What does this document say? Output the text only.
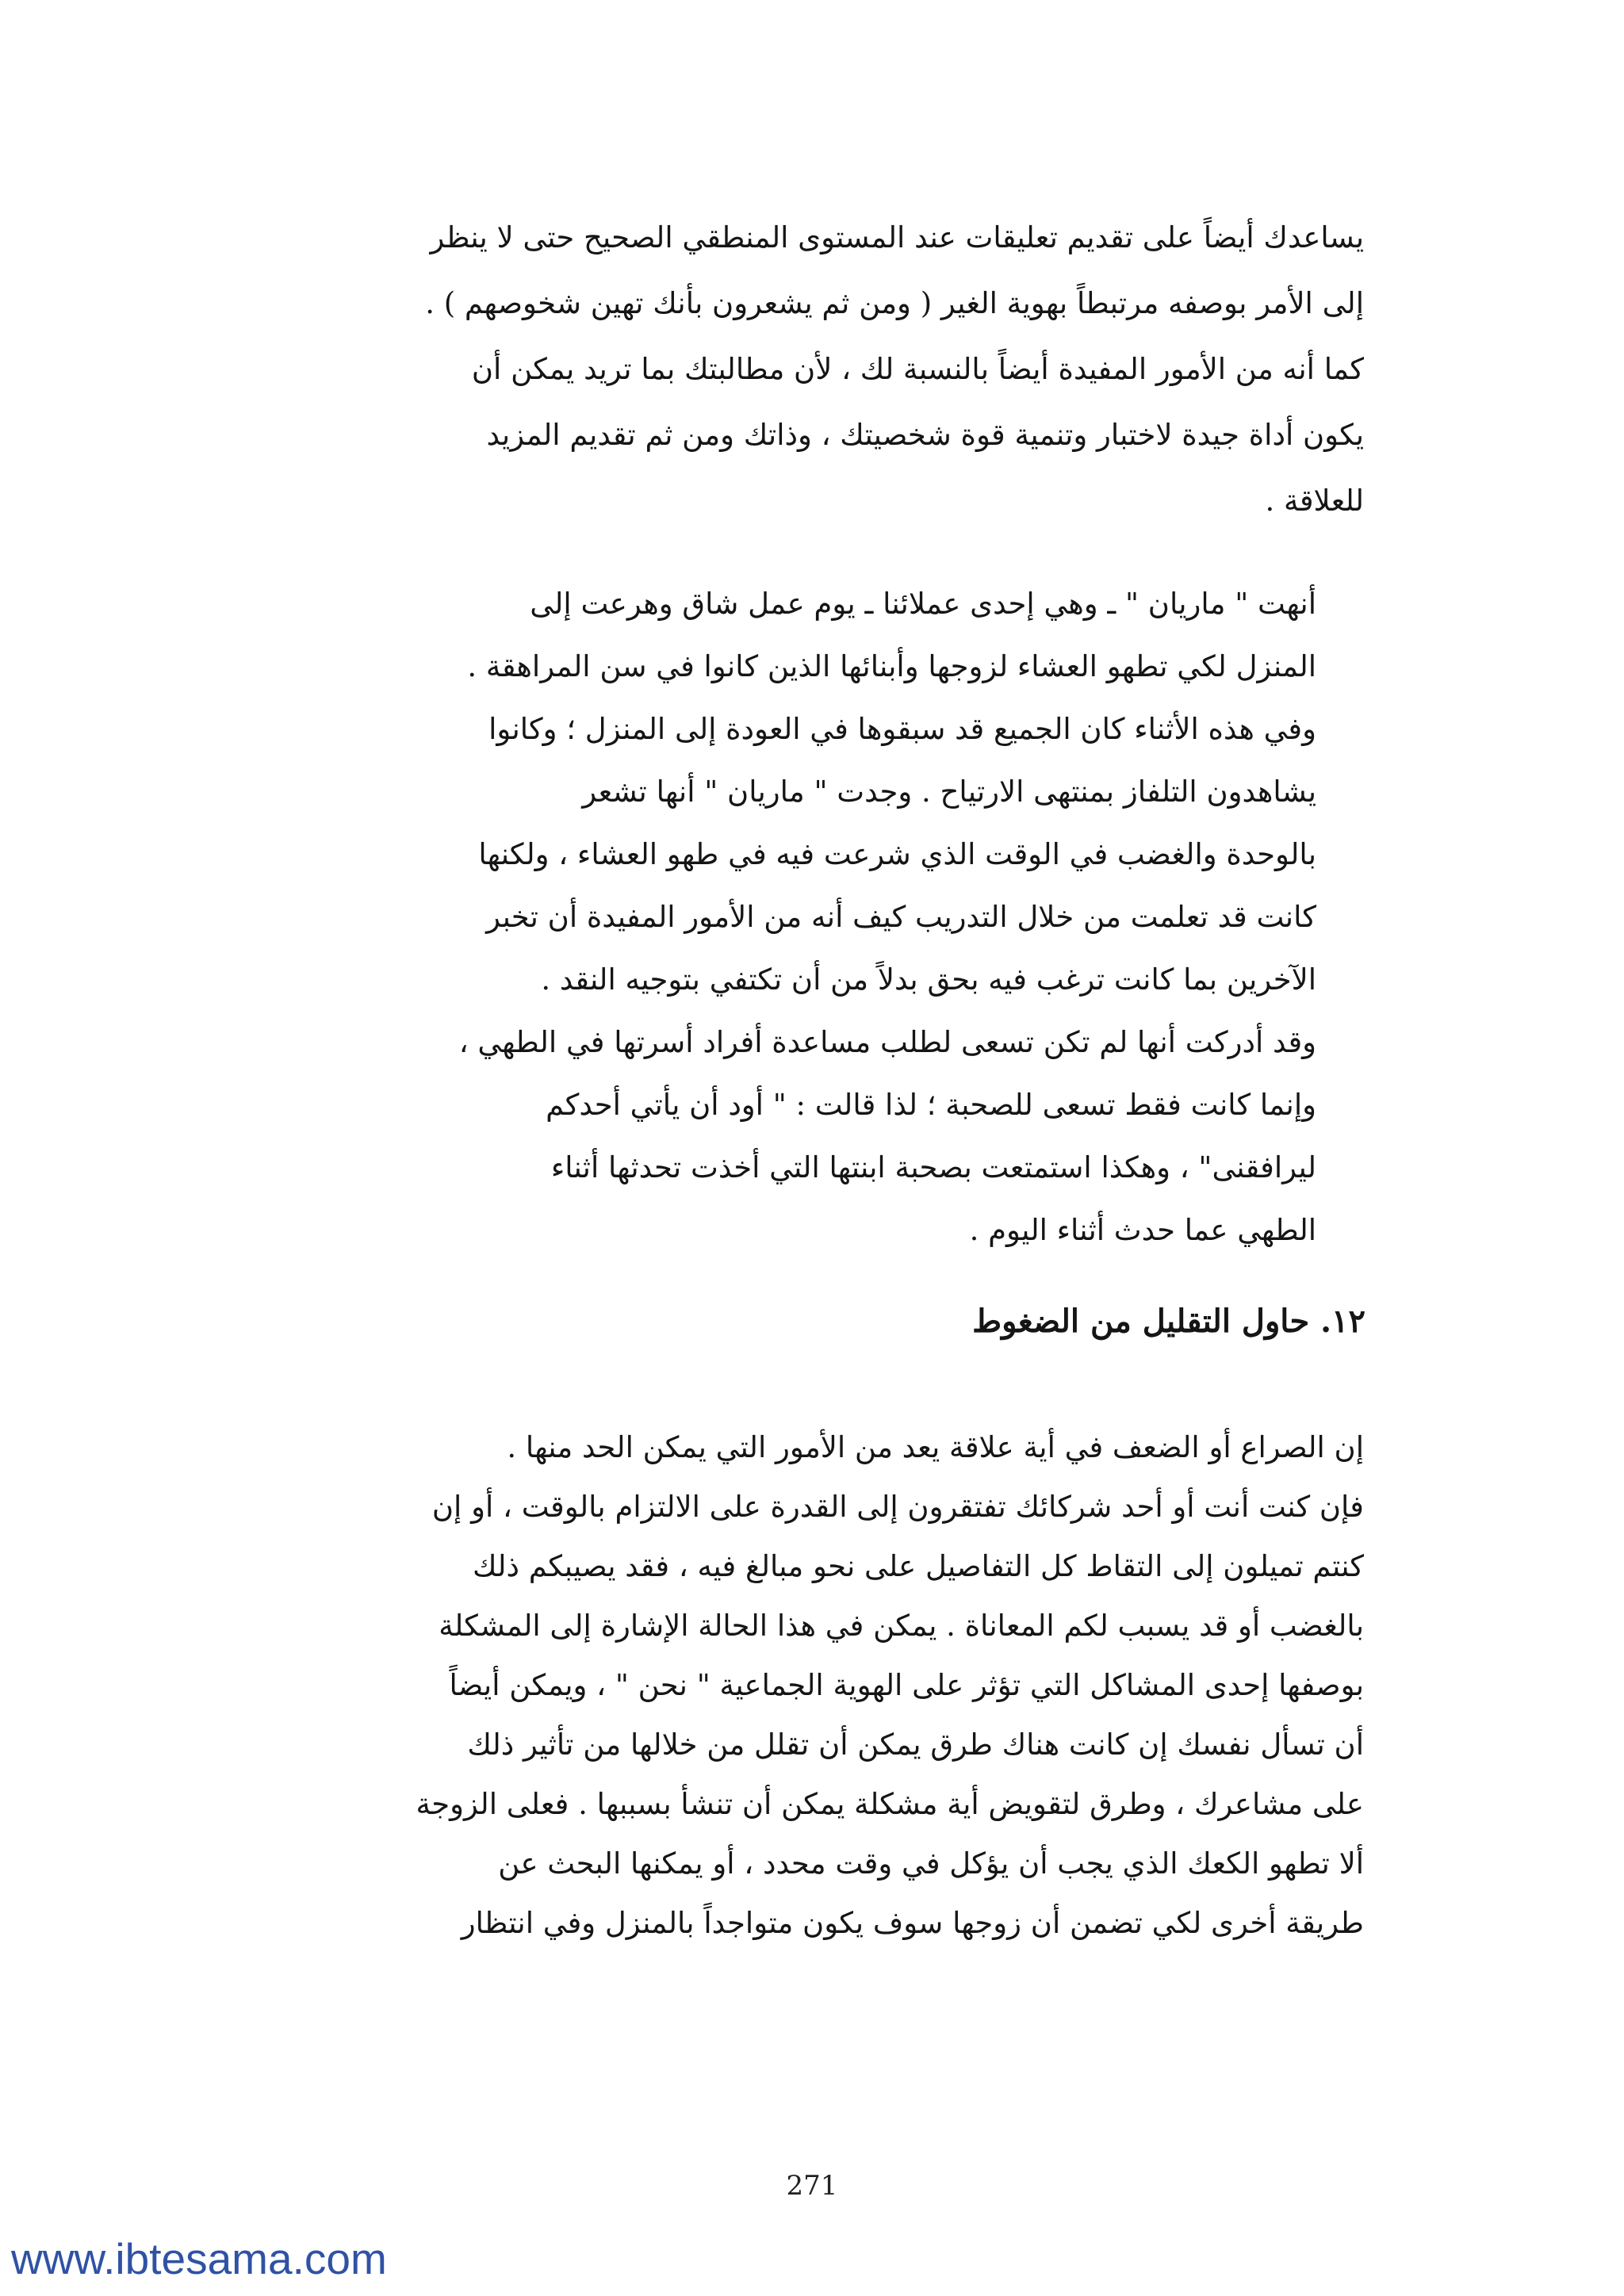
يساعدك أيضاً على تقديم تعليقات عند المستوى المنطقي الصحيح حتى لا ينظر
إلى الأمر بوصفه مرتبطاً بهوية الغير ( ومن ثم يشعرون بأنك تهين شخوصهم ) .
كما أنه من الأمور المفيدة أيضاً بالنسبة لك ، لأن مطالبتك بما تريد يمكن أن
يكون أداة جيدة لاختبار وتنمية قوة شخصيتك ، وذاتك ومن ثم تقديم المزيد
للعلاقة .
أنهت " ماريان " ـ وهي إحدى عملائنا ـ يوم عمل شاق وهرعت إلى
المنزل لكي تطهو العشاء لزوجها وأبنائها الذين كانوا في سن المراهقة .
وفي هذه الأثناء كان الجميع قد سبقوها في العودة إلى المنزل ؛ وكانوا
يشاهدون التلفاز بمنتهى الارتياح . وجدت " ماريان " أنها تشعر
بالوحدة والغضب في الوقت الذي شرعت فيه في طهو العشاء ، ولكنها
كانت قد تعلمت من خلال التدريب كيف أنه من الأمور المفيدة أن تخبر
الآخرين بما كانت ترغب فيه بحق بدلاً من أن تكتفي بتوجيه النقد .
وقد أدركت أنها لم تكن تسعى لطلب مساعدة أفراد أسرتها في الطهي ،
وإنما كانت فقط تسعى للصحبة ؛ لذا قالت : " أود أن يأتي أحدكم
ليرافقنى" ، وهكذا استمتعت بصحبة ابنتها التي أخذت تحدثها أثناء
الطهي عما حدث أثناء اليوم .
١٢. حاول التقليل من الضغوط
إن الصراع أو الضعف في أية علاقة يعد من الأمور التي يمكن الحد منها .
فإن كنت أنت أو أحد شركائك تفتقرون إلى القدرة على الالتزام بالوقت ، أو إن
كنتم تميلون إلى التقاط كل التفاصيل على نحو مبالغ فيه ، فقد يصيبكم ذلك
بالغضب أو قد يسبب لكم المعاناة . يمكن في هذا الحالة الإشارة إلى المشكلة
بوصفها إحدى المشاكل التي تؤثر على الهوية الجماعية " نحن " ، ويمكن أيضاً
أن تسأل نفسك إن كانت هناك طرق يمكن أن تقلل من خلالها من تأثير ذلك
على مشاعرك ، وطرق لتقويض أية مشكلة يمكن أن تنشأ بسببها . فعلى الزوجة
ألا تطهو الكعك الذي يجب أن يؤكل في وقت محدد ، أو يمكنها البحث عن
طريقة أخرى لكي تضمن أن زوجها سوف يكون متواجداً بالمنزل وفي انتظار
271
www.ibtesama.com
